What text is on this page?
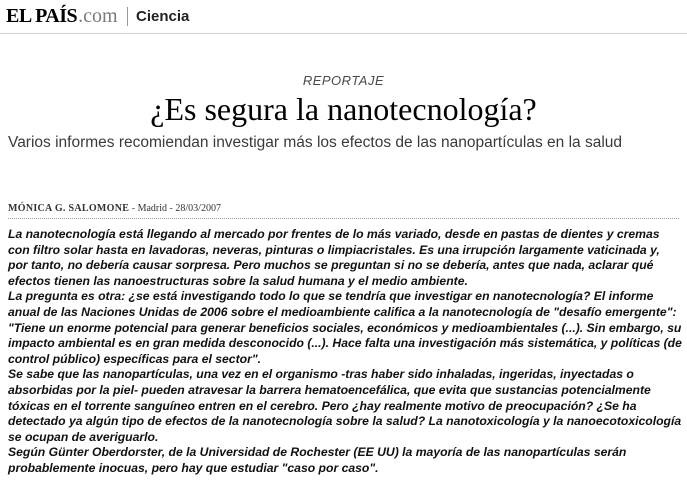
EL PAÍS .com Ciencia
REPORTAJE
¿Es segura la nanotecnología?
Varios informes recomiendan investigar más los efectos de las nanopartículas en la salud
MÓNICA G. SALOMONE - Madrid - 28/03/2007

La nanotecnología está llegando al mercado por frentes de lo más variado, desde en pastas de dientes y cremas con filtro solar hasta en lavadoras, neveras, pinturas o limpiacristales. Es una irrupción largamente vaticinada y, por tanto, no debería causar sorpresa. Pero muchos se preguntan si no se debería, antes que nada, aclarar qué efectos tienen las nanoestructuras sobre la salud humana y el medio ambiente.

La pregunta es otra: ¿se está investigando todo lo que se tendría que investigar en nanotecnología? El informe anual de las Naciones Unidas de 2006 sobre el medioambiente califica a la nanotecnología de "desafío emergente": "Tiene un enorme potencial para generar beneficios sociales, económicos y medioambientales (...). Sin embargo, su impacto ambiental es en gran medida desconocido (...). Hace falta una investigación más sistemática, y políticas (de control público) específicas para el sector".

Se sabe que las nanopartículas, una vez en el organismo -tras haber sido inhaladas, ingeridas, inyectadas o absorbidas por la piel- pueden atravesar la barrera hematoencefálica, que evita que sustancias potencialmente tóxicas en el torrente sanguíneo entren en el cerebro. Pero ¿hay realmente motivo de preocupación? ¿Se ha detectado ya algún tipo de efectos de la nanotecnología sobre la salud? La nanotoxicología y la nanoecotoxicología se ocupan de averiguarlo.

Según Günter Oberdorster, de la Universidad de Rochester (EE UU) la mayoría de las nanopartículas serán probablemente inocuas, pero hay que estudiar "caso por caso".
